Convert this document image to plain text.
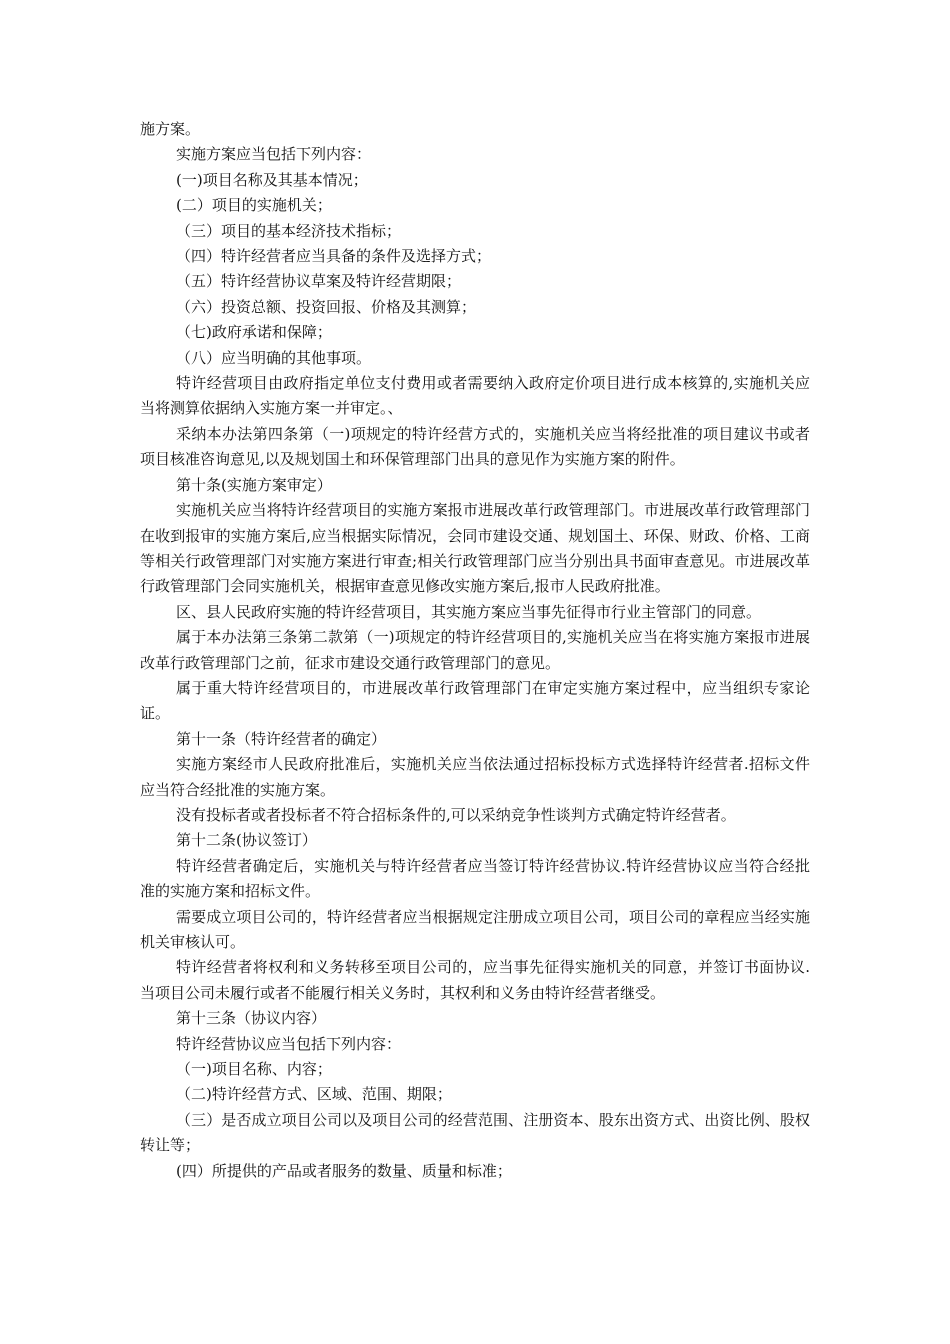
施方案。

实施方案应当包括下列内容：

(一)项目名称及其基本情况；

(二）项目的实施机关；

（三）项目的基本经济技术指标；

（四）特许经营者应当具备的条件及选择方式；

（五）特许经营协议草案及特许经营期限；

（六）投资总额、投资回报、价格及其测算；

（七)政府承诺和保障；

（八）应当明确的其他事项。

特许经营项目由政府指定单位支付费用或者需要纳入政府定价项目进行成本核算的,实施机关应当将测算依据纳入实施方案一并审定。、

采纳本办法第四条第（一)项规定的特许经营方式的，实施机关应当将经批准的项目建议书或者项目核准咨询意见,以及规划国土和环保管理部门出具的意见作为实施方案的附件。

第十条(实施方案审定）

实施机关应当将特许经营项目的实施方案报市进展改革行政管理部门。市进展改革行政管理部门在收到报审的实施方案后,应当根据实际情况，会同市建设交通、规划国土、环保、财政、价格、工商等相关行政管理部门对实施方案进行审查;相关行政管理部门应当分别出具书面审查意见。市进展改革行政管理部门会同实施机关，根据审查意见修改实施方案后,报市人民政府批准。

区、县人民政府实施的特许经营项目，其实施方案应当事先征得市行业主管部门的同意。

属于本办法第三条第二款第（一)项规定的特许经营项目的,实施机关应当在将实施方案报市进展改革行政管理部门之前，征求市建设交通行政管理部门的意见。

属于重大特许经营项目的，市进展改革行政管理部门在审定实施方案过程中，应当组织专家论证。

第十一条（特许经营者的确定）

实施方案经市人民政府批准后，实施机关应当依法通过招标投标方式选择特许经营者.招标文件应当符合经批准的实施方案。

没有投标者或者投标者不符合招标条件的,可以采纳竞争性谈判方式确定特许经营者。

第十二条(协议签订）

特许经营者确定后，实施机关与特许经营者应当签订特许经营协议.特许经营协议应当符合经批准的实施方案和招标文件。

需要成立项目公司的，特许经营者应当根据规定注册成立项目公司，项目公司的章程应当经实施机关审核认可。

特许经营者将权利和义务转移至项目公司的，应当事先征得实施机关的同意，并签订书面协议.当项目公司未履行或者不能履行相关义务时，其权利和义务由特许经营者继受。

第十三条（协议内容）

特许经营协议应当包括下列内容：

（一)项目名称、内容；

（二)特许经营方式、区域、范围、期限；

（三）是否成立项目公司以及项目公司的经营范围、注册资本、股东出资方式、出资比例、股权转让等；

(四）所提供的产品或者服务的数量、质量和标准；
